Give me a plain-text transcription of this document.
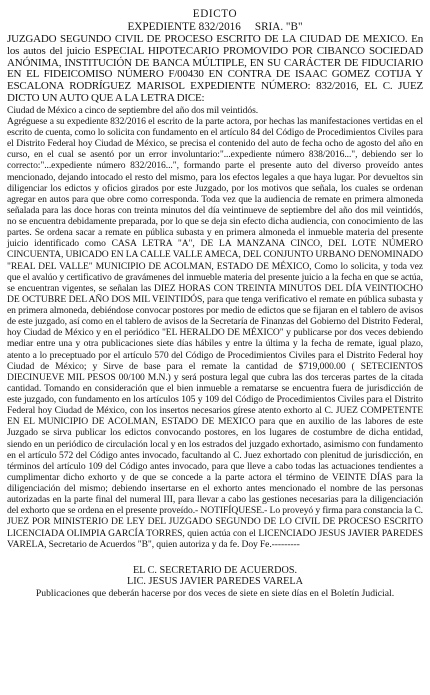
EDICTO
EXPEDIENTE 832/2016     SRIA. "B"

JUZGADO SEGUNDO CIVIL DE PROCESO ESCRITO DE LA CIUDAD DE MEXICO. En los autos del juicio ESPECIAL HIPOTECARIO PROMOVIDO POR CIBANCO SOCIEDAD ANÓNIMA, INSTITUCIÓN DE BANCA MÚLTIPLE, EN SU CARÁCTER DE FIDUCIARIO EN EL FIDEICOMISO NÚMERO F/00430 EN CONTRA DE ISAAC GOMEZ COTIJA Y ESCALONA RODRÍGUEZ MARISOL EXPEDIENTE NÚMERO: 832/2016, EL C. JUEZ DICTO UN AUTO QUE A LA LETRA DICE:

Ciudad de México a cinco de septiembre del año dos mil veintidós.

Agréguese a su expediente 832/2016 el escrito de la parte actora, por hechas las manifestaciones vertidas en el escrito de cuenta, como lo solicita con fundamento en el artículo 84 del Código de Procedimientos Civiles para el Distrito Federal hoy Ciudad de México, se precisa el contenido del auto de fecha ocho de agosto del año en curso, en el cual se asentó por un error involuntario:"...expediente número 838/2016...", debiendo ser lo correcto:"...expediente número 832/2016...", formando parte el presente auto del diverso proveído antes mencionado, dejando intocado el resto del mismo, para los efectos legales a que haya lugar. Por devueltos sin diligenciar los edictos y oficios girados por este Juzgado, por los motivos que señala, los cuales se ordenan agregar en autos para que obre como corresponda. Toda vez que la audiencia de remate en primera almoneda señalada para las doce horas con treinta minutos del día veintinueve de septiembre del año dos mil veintidós, no se encuentra debidamente preparada, por lo que se deja sin efecto dicha audiencia, con conocimiento de las partes. Se ordena sacar a remate en pública subasta y en primera almoneda el inmueble materia del presente juicio identificado como CASA LETRA "A", DE LA MANZANA CINCO, DEL LOTE NÚMERO CINCUENTA, UBICADO EN LA CALLE VALLE AMECA, DEL CONJUNTO URBANO DENOMINADO "REAL DEL VALLE" MUNICIPIO DE ACOLMAN, ESTADO DE MÉXICO, Como lo solicita, y toda vez que el avalúo y certificativo de gravámenes del inmueble materia del presente juicio a la fecha en que se actúa, se encuentran vigentes, se señalan las DIEZ HORAS CON TREINTA MINUTOS DEL DÍA VEINTIOCHO DE OCTUBRE DEL AÑO DOS MIL VEINTIDÓS, para que tenga verificativo el remate en pública subasta y en primera almoneda, debiéndose convocar postores por medio de edictos que se fijaran en el tablero de avisos de este juzgado, así como en el tablero de avisos de la Secretaría de Finanzas del Gobierno del Distrito Federal, hoy Ciudad de México y en el periódico "EL HERALDO DE MÉXICO" y publicarse por dos veces debiendo mediar entre una y otra publicaciones siete días hábiles y entre la última y la fecha de remate, igual plazo, atento a lo preceptuado por el artículo 570 del Código de Procedimientos Civiles para el Distrito Federal hoy Ciudad de México; y Sirve de base para el remate la cantidad de $719,000.00 ( SETECIENTOS DIECINUEVE MIL PESOS 00/100 M.N.) y será postura legal que cubra las dos terceras partes de la citada cantidad. Tomando en consideración que el bien inmueble a rematarse se encuentra fuera de jurisdicción de este juzgado, con fundamento en los artículos 105 y 109 del Código de Procedimientos Civiles para el Distrito Federal hoy Ciudad de México, con los insertos necesarios gírese atento exhorto al C. JUEZ COMPETENTE EN EL MUNICIPIO DE ACOLMAN, ESTADO DE MEXICO para que en auxilio de las labores de este Juzgado se sirva publicar los edictos convocando postores, en los lugares de costumbre de dicha entidad, siendo en un periódico de circulación local y en los estrados del juzgado exhortado, asimismo con fundamento en el artículo 572 del Código antes invocado, facultando al C. Juez exhortado con plenitud de jurisdicción, en términos del artículo 109 del Código antes invocado, para que lleve a cabo todas las actuaciones tendientes a cumplimentar dicho exhorto y de que se concede a la parte actora el término de VEINTE DÍAS para la diligenciación del mismo; debiendo insertarse en el exhorto antes mencionado el nombre de las personas autorizadas en la parte final del numeral III, para llevar a cabo las gestiones necesarias para la diligenciación del exhorto que se ordena en el presente proveído.- NOTIFÍQUESE.- Lo proveyó y firma para constancia la C. JUEZ POR MINISTERIO DE LEY DEL JUZGADO SEGUNDO DE LO CIVIL DE PROCESO ESCRITO LICENCIADA OLIMPIA GARCÍA TORRES, quien actúa con el LICENCIADO JESUS JAVIER PAREDES VARELA, Secretario de Acuerdos "B", quien autoriza y da fe. Doy Fe.---------

EL C. SECRETARIO DE ACUERDOS.

LIC. JESUS JAVIER PAREDES VARELA

Publicaciones que deberán hacerse por dos veces de siete en siete días en el Boletín Judicial.
